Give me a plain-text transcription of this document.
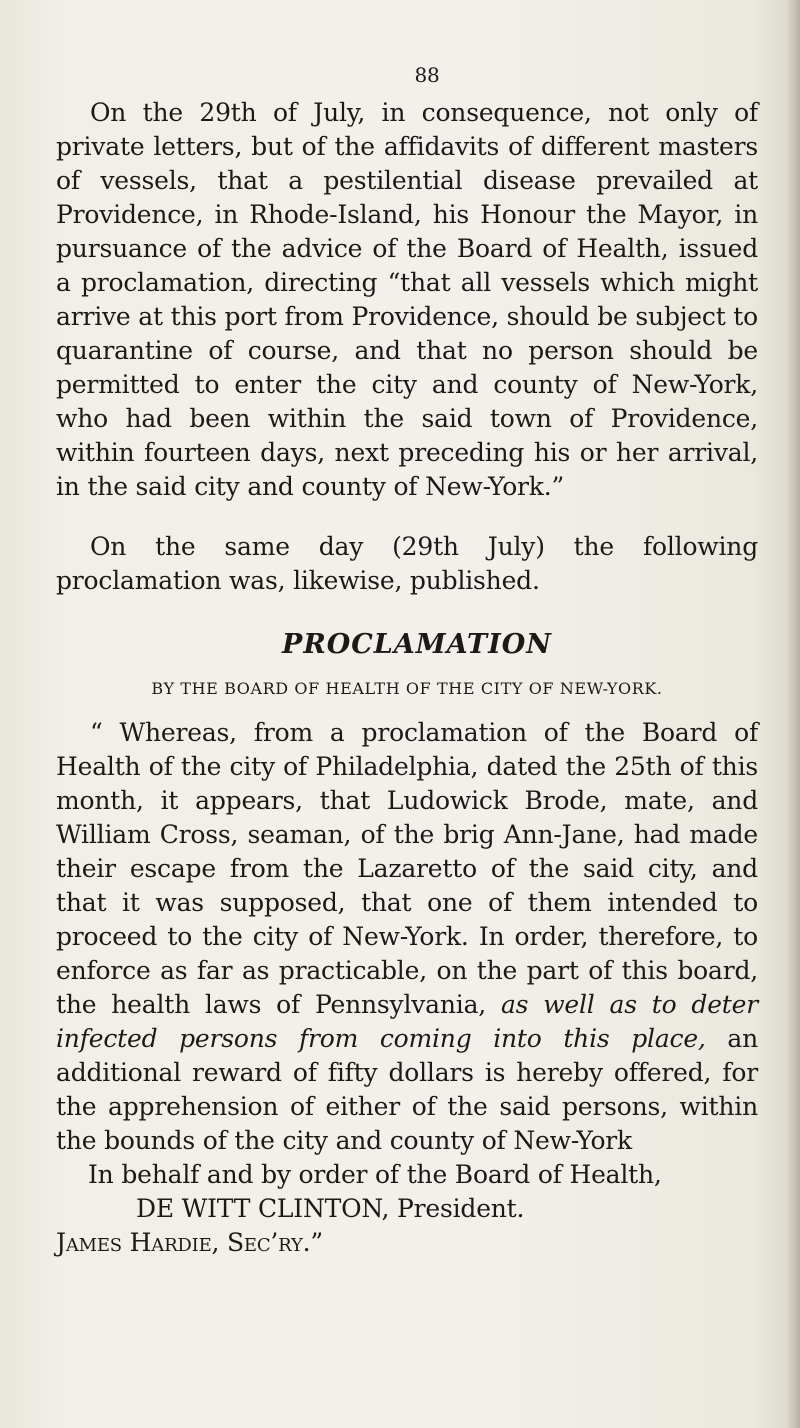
88

On the 29th of July, in consequence, not only of private letters, but of the affidavits of different masters of vessels, that a pestilential disease prevailed at Providence, in Rhode-Island, his Honour the Mayor, in pursuance of the advice of the Board of Health, issued a proclamation, directing “that all vessels which might arrive at this port from Providence, should be subject to quarantine of course, and that no person should be permitted to enter the city and county of New-York, who had been within the said town of Providence, within fourteen days, next preceding his or her arrival, in the said city and county of New-York.”

On the same day (29th July) the following proclamation was, likewise, published.

PROCLAMATION
BY THE BOARD OF HEALTH OF THE CITY OF NEW-YORK.

“ Whereas, from a proclamation of the Board of Health of the city of Philadelphia, dated the 25th of this month, it appears, that Ludowick Brode, mate, and William Cross, seaman, of the brig Ann-Jane, had made their escape from the Lazaretto of the said city, and that it was supposed, that one of them intended to proceed to the city of New-York. In order, therefore, to enforce as far as practicable, on the part of this board, the health laws of Pennsylvania, as well as to deter infected persons from coming into this place, an additional reward of fifty dollars is hereby offered, for the apprehension of either of the said persons, within the bounds of the city and county of New-York

In behalf and by order of the Board of Health,

DE WITT CLINTON, President.

James Hardie, Sec’ry.”
